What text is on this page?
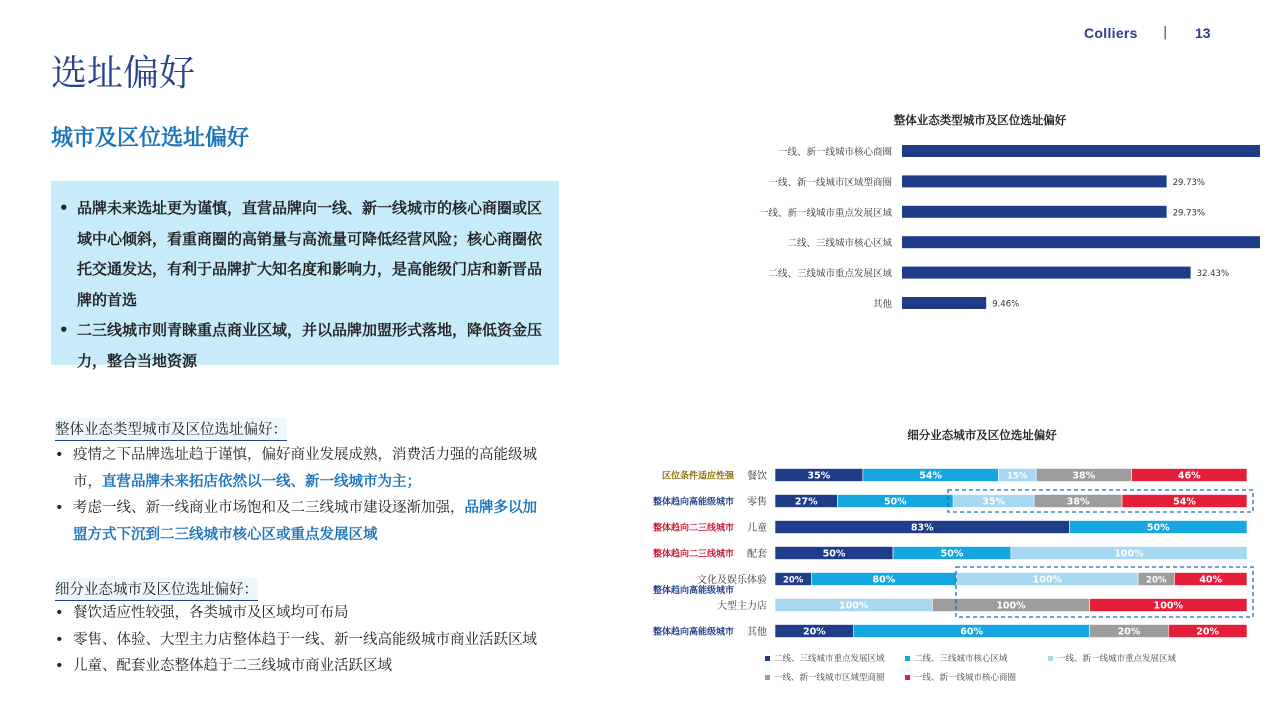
Colliers | 13
选址偏好
城市及区位选址偏好
• 品牌未来选址更为谨慎，直营品牌向一线、新一线城市的核心商圈或区域中心倾斜，看重商圈的高销量与高流量可降低经营风险；核心商圈依托交通发达，有利于品牌扩大知名度和影响力，是高能级门店和新晋品牌的首选
• 二三线城市则青睐重点商业区域，并以品牌加盟形式落地，降低资金压力，整合当地资源
整体业态类型城市及区位选址偏好：
• 疫情之下品牌选址趋于谨慎，偏好商业发展成熟，消费活力强的高能级城市，直营品牌未来拓店依然以一线、新一线城市为主；
• 考虑一线、新一线商业市场饱和及二三线城市建设逐渐加强，品牌多以加盟方式下沉到二三线城市核心区或重点发展区域
细分业态城市及区位选址偏好：
• 餐饮适应性较强，各类城市及区域均可布局
• 零售、体验、大型主力店整体趋于一线、新一线高能级城市商业活跃区域
• 儿童、配套业态整体趋于二三线城市商业活跃区域
整体业态类型城市及区位选址偏好
一线、新一线城市核心商圈
一线、新一线城市区域型商圈	29.73%
一线、新一线城市重点发展区域	29.73%
二线、三线城市核心区域
二线、三线城市重点发展区域	32.43%
其他	9.46%
细分业态城市及区位选址偏好
35%	54%	15%	38%	46%
餐饮
区位条件适应性强
27%	50%	35%	38%	54%
零售
整体趋向高能级城市
83%	50%
儿童
整体趋向二三线城市
50%	50%	100%
配套
整体趋向二三线城市
20%	80%	100%	20%	40%
文化及娱乐体验
整体趋向高能级城市
100%	100%	100%
大型主力店
20%	60%	20%	20%
其他
整体趋向高能级城市
二线、三线城市重点发展区域	二线、三线城市核心区域	一线、新一线城市重点发展区域
一线、新一线城市区域型商圈	一线、新一线城市核心商圈
